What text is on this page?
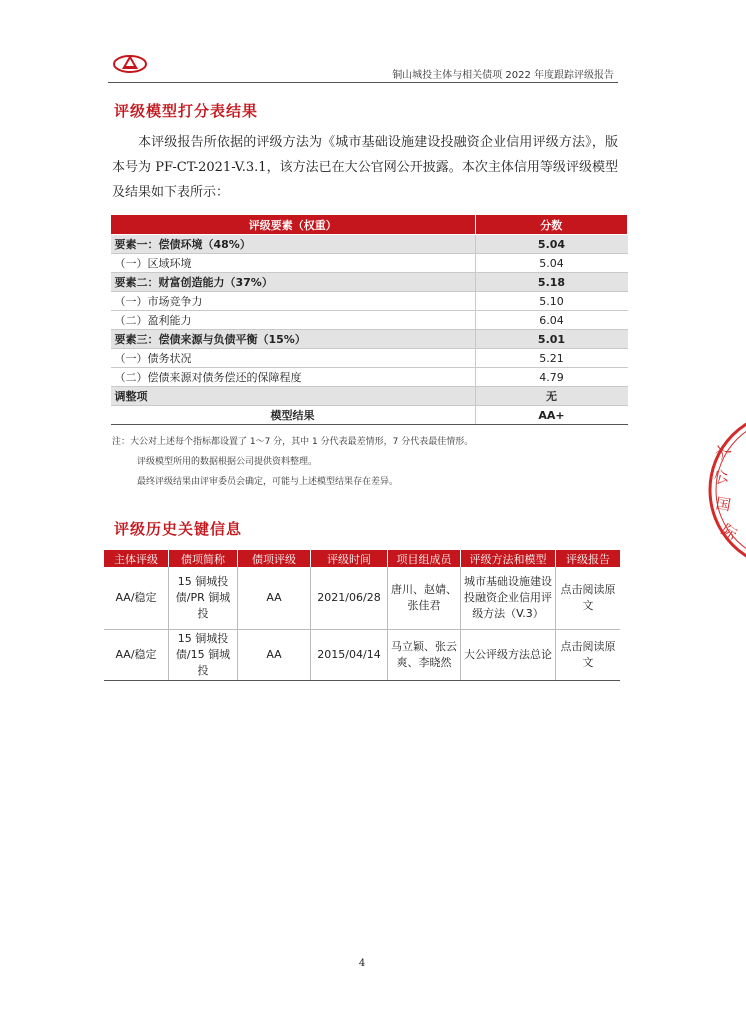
铜山城投主体与相关债项 2022 年度跟踪评级报告
评级模型打分表结果
本评级报告所依据的评级方法为《城市基础设施建设投融资企业信用评级方法》，版本号为 PF-CT-2021-V.3.1，该方法已在大公官网公开披露。本次主体信用等级评级模型及结果如下表所示：
评级要素（权重）	分数
要素一：偿债环境（48%）	5.04
（一）区域环境	5.04
要素二：财富创造能力（37%）	5.18
（一）市场竞争力	5.10
（二）盈利能力	6.04
要素三：偿债来源与负债平衡（15%）	5.01
（一）债务状况	5.21
（二）偿债来源对债务偿还的保障程度	4.79
调整项	无
模型结果	AA+
注：大公对上述每个指标都设置了 1～7 分，其中 1 分代表最差情形，7 分代表最佳情形。
评级模型所用的数据根据公司提供资料整理。
最终评级结果由评审委员会确定，可能与上述模型结果存在差异。
评级历史关键信息
主体评级	债项简称	债项评级	评级时间	项目组成员	评级方法和模型	评级报告
AA/稳定	15 铜城投债/PR 铜城投	AA	2021/06/28	唐川、赵婧、张佳君	城市基础设施建设投融资企业信用评级方法（V.3）	点击阅读原文
AA/稳定	15 铜城投债/15 铜城投	AA	2015/04/14	马立颖、张云爽、李晓然	大公评级方法总论	点击阅读原文
大
公
国
际
4
